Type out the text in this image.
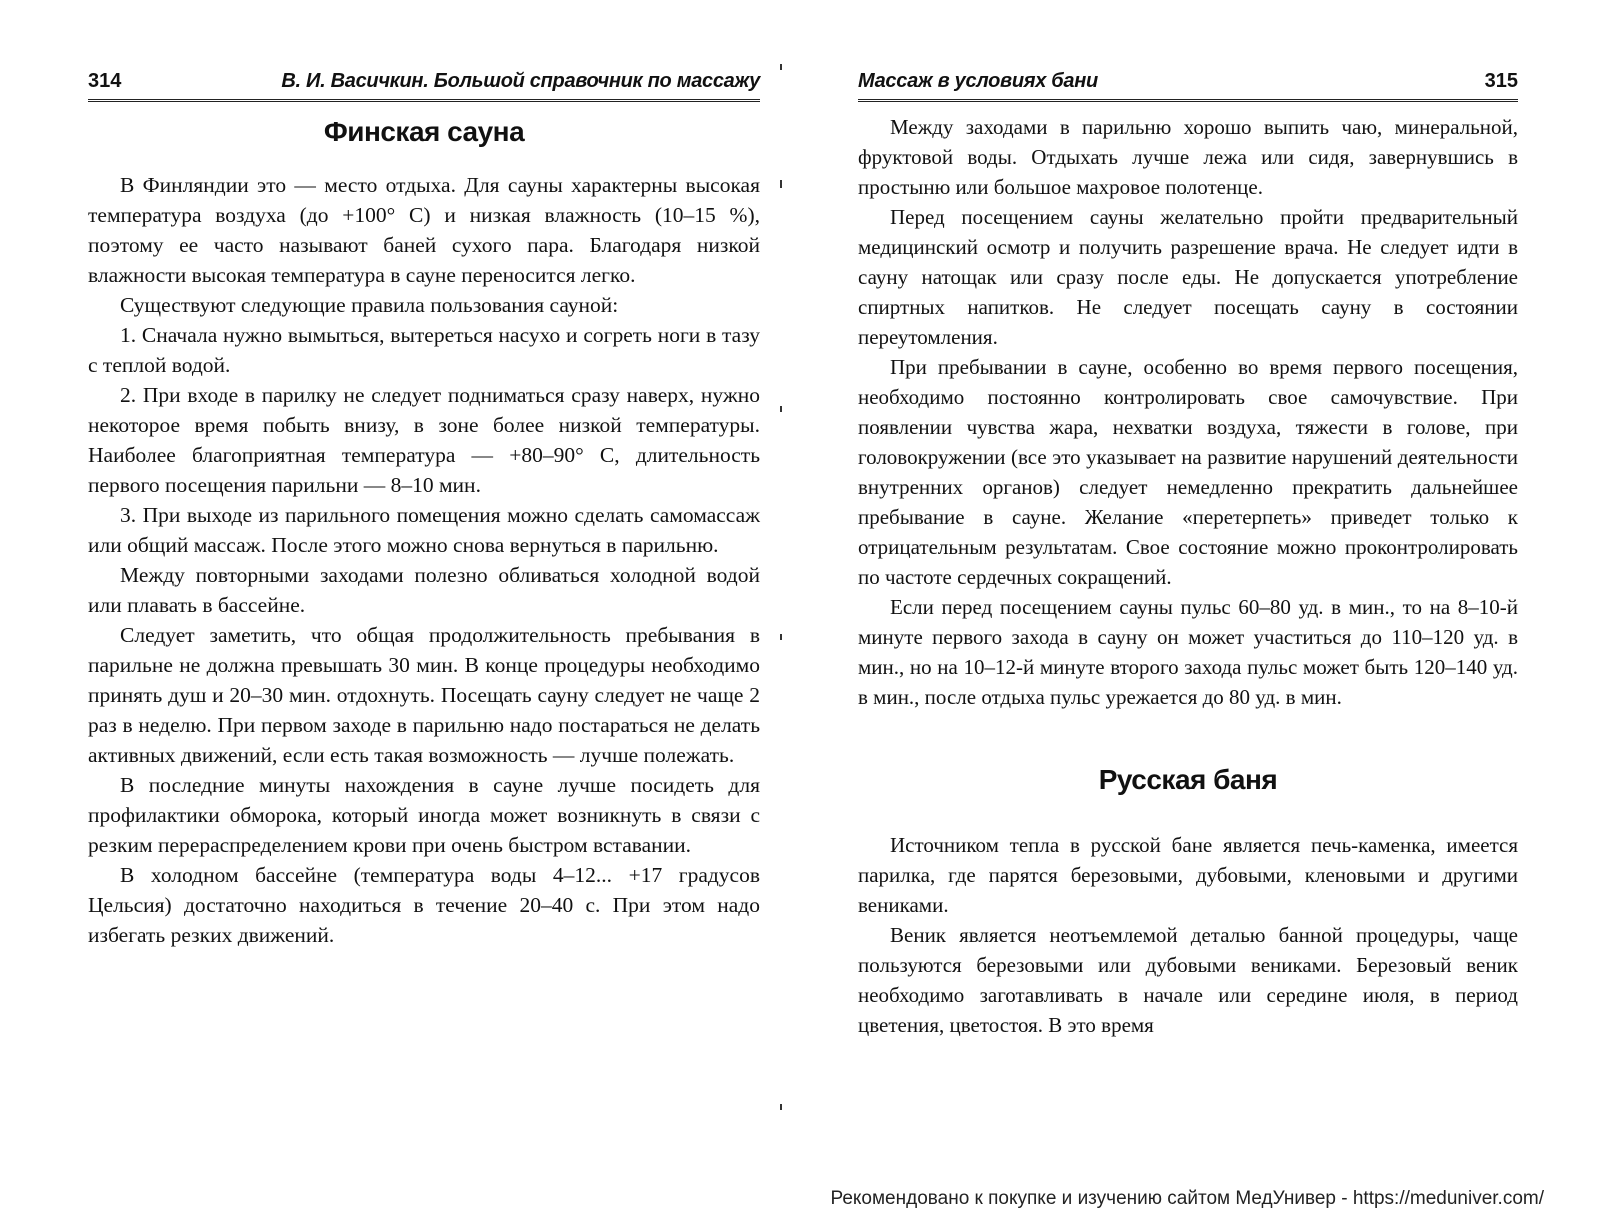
314	В. И. Васичкин. Большой справочник по массажу
Финская сауна

В Финляндии это — место отдыха. Для сауны характерны высокая температура воздуха (до +100° С) и низкая влажность (10–15 %), поэтому ее часто называют баней сухого пара. Благодаря низкой влажности высокая температура в сауне переносится легко.

Существуют следующие правила пользования сауной:

1. Сначала нужно вымыться, вытереться насухо и согреть ноги в тазу с теплой водой.

2. При входе в парилку не следует подниматься сразу наверх, нужно некоторое время побыть внизу, в зоне более низкой температуры. Наиболее благоприятная температура — +80–90° С, длительность первого посещения парильни — 8–10 мин.

3. При выходе из парильного помещения можно сделать самомассаж или общий массаж. После этого можно снова вернуться в парильню.

Между повторными заходами полезно обливаться холодной водой или плавать в бассейне.

Следует заметить, что общая продолжительность пребывания в парильне не должна превышать 30 мин. В конце процедуры необходимо принять душ и 20–30 мин. отдохнуть. Посещать сауну следует не чаще 2 раз в неделю. При первом заходе в парильню надо постараться не делать активных движений, если есть такая возможность — лучше полежать.

В последние минуты нахождения в сауне лучше посидеть для профилактики обморока, который иногда может возникнуть в связи с резким перераспределением крови при очень быстром вставании.

В холодном бассейне (температура воды 4–12... +17 градусов Цельсия) достаточно находиться в течение 20–40 с. При этом надо избегать резких движений.

Массаж в условиях бани	315

Между заходами в парильню хорошо выпить чаю, минеральной, фруктовой воды. Отдыхать лучше лежа или сидя, завернувшись в простыню или большое махровое полотенце.

Перед посещением сауны желательно пройти предварительный медицинский осмотр и получить разрешение врача. Не следует идти в сауну натощак или сразу после еды. Не допускается употребление спиртных напитков. Не следует посещать сауну в состоянии переутомления.

При пребывании в сауне, особенно во время первого посещения, необходимо постоянно контролировать свое самочувствие. При появлении чувства жара, нехватки воздуха, тяжести в голове, при головокружении (все это указывает на развитие нарушений деятельности внутренних органов) следует немедленно прекратить дальнейшее пребывание в сауне. Желание «перетерпеть» приведет только к отрицательным результатам. Свое состояние можно проконтролировать по частоте сердечных сокращений.

Если перед посещением сауны пульс 60–80 уд. в мин., то на 8–10-й минуте первого захода в сауну он может участиться до 110–120 уд. в мин., но на 10–12-й минуте второго захода пульс может быть 120–140 уд. в мин., после отдыха пульс урежается до 80 уд. в мин.

Русская баня

Источником тепла в русской бане является печь-каменка, имеется парилка, где парятся березовыми, дубовыми, кленовыми и другими вениками.

Веник является неотъемлемой деталью банной процедуры, чаще пользуются березовыми или дубовыми вениками. Березовый веник необходимо заготавливать в начале или середине июля, в период цветения, цветостоя. В это время

Рекомендовано к покупке и изучению сайтом МедУнивер - https://meduniver.com/
